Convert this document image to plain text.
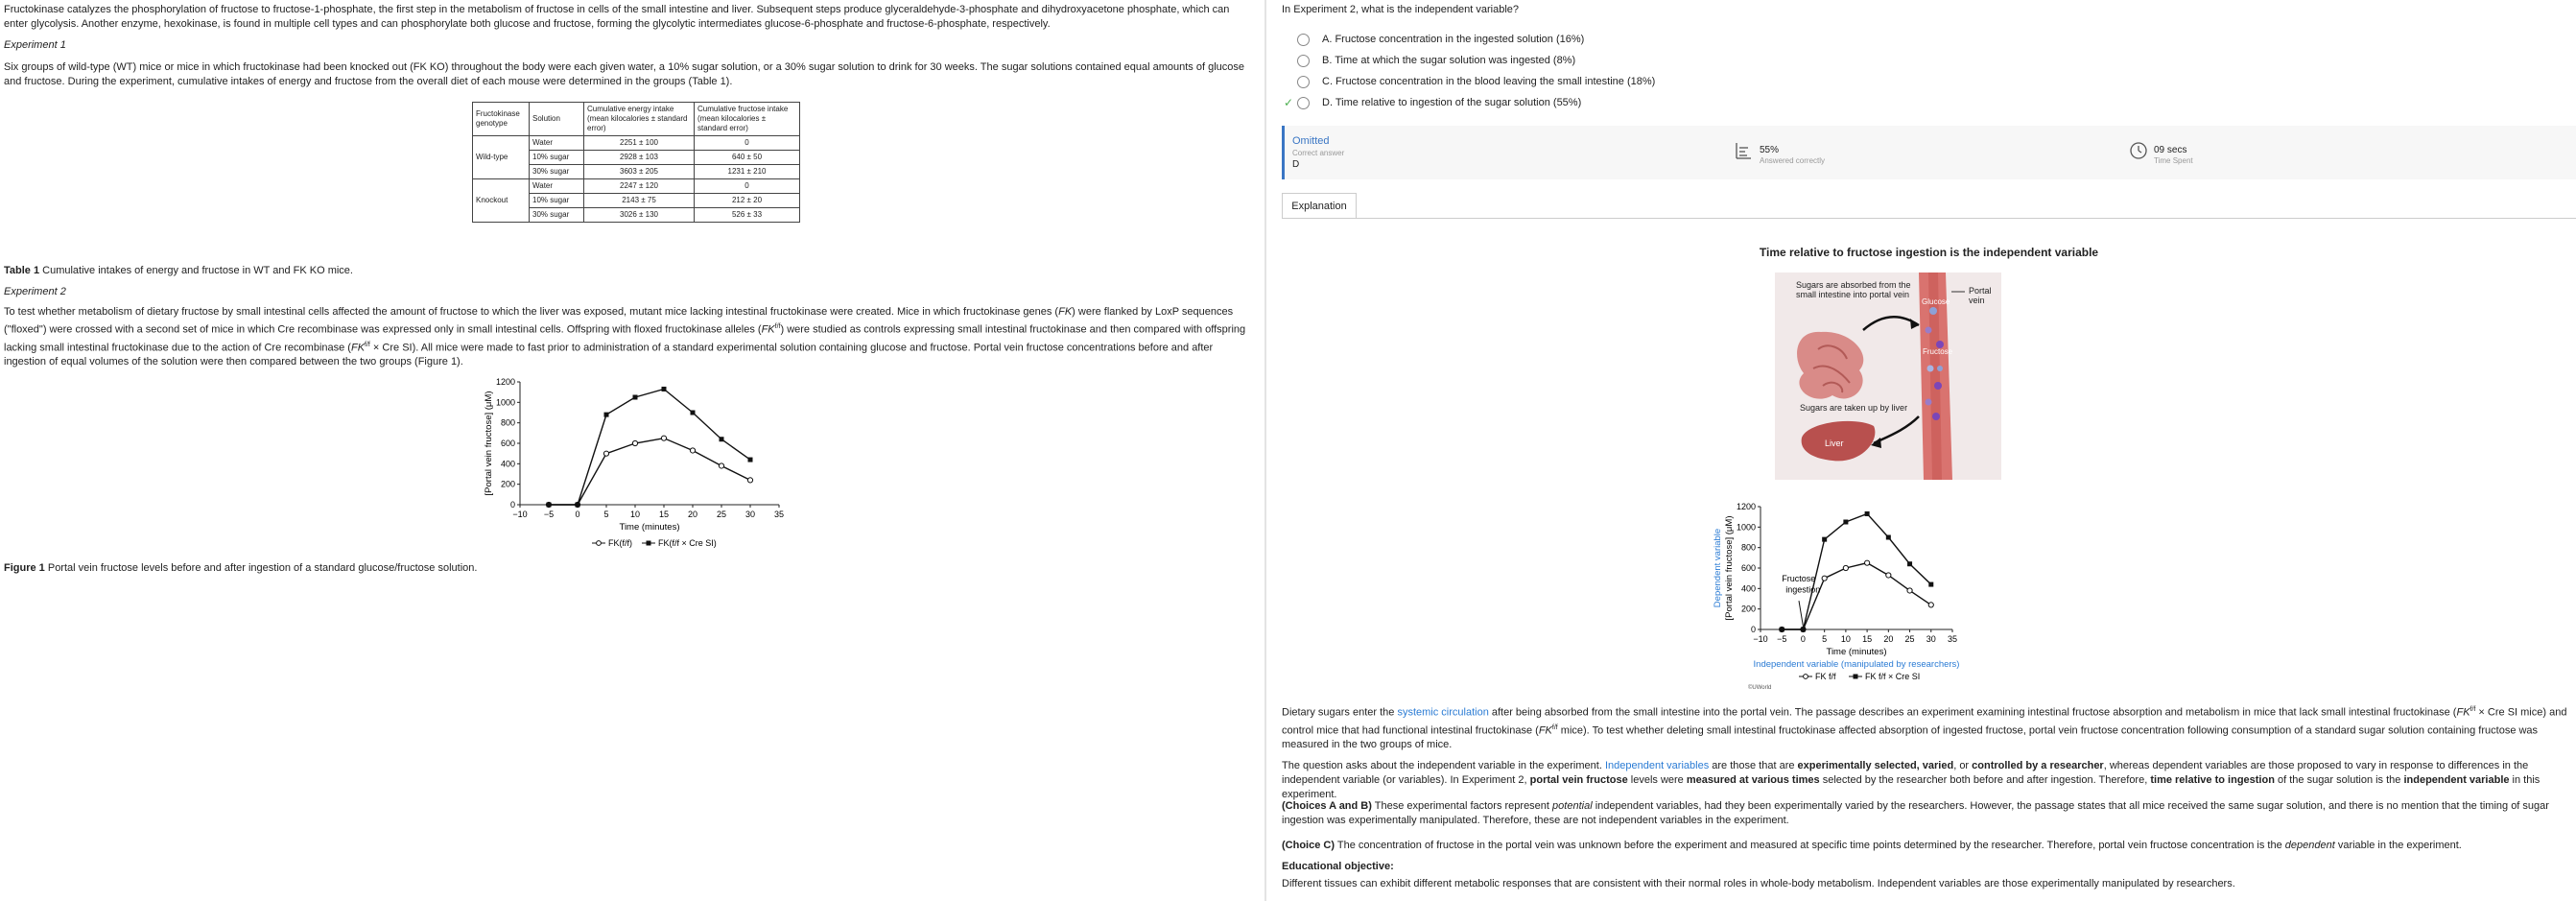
Fructokinase catalyzes the phosphorylation of fructose to fructose-1-phosphate, the first step in the metabolism of fructose in cells of the small intestine and liver. Subsequent steps produce glyceraldehyde-3-phosphate and dihydroxyacetone phosphate, which can enter glycolysis. Another enzyme, hexokinase, is found in multiple cell types and can phosphorylate both glucose and fructose, forming the glycolytic intermediates glucose-6-phosphate and fructose-6-phosphate, respectively.

Experiment 1

Six groups of wild-type (WT) mice or mice in which fructokinase had been knocked out (FK KO) throughout the body were each given water, a 10% sugar solution, or a 30% sugar solution to drink for 30 weeks. The sugar solutions contained equal amounts of glucose and fructose. During the experiment, cumulative intakes of energy and fructose from the overall diet of each mouse were determined in the groups (Table 1).

Fructokinase genotype	Solution	Cumulative energy intake (mean kilocalories ± standard error)	Cumulative fructose intake (mean kilocalories ± standard error)
Wild-type	Water	2251 ± 100	0
	10% sugar	2928 ± 103	640 ± 50
	30% sugar	3603 ± 205	1231 ± 210
Knockout	Water	2247 ± 120	0
	10% sugar	2143 ± 75	212 ± 20
	30% sugar	3026 ± 130	526 ± 33

Table 1 Cumulative intakes of energy and fructose in WT and FK KO mice.

Experiment 2

To test whether metabolism of dietary fructose by small intestinal cells affected the amount of fructose to which the liver was exposed, mutant mice lacking intestinal fructokinase were created. Mice in which fructokinase genes (FK) were flanked by LoxP sequences ("floxed") were crossed with a second set of mice in which Cre recombinase was expressed only in small intestinal cells. Offspring with floxed fructokinase alleles $(FK^{f/f})$ were studied as controls expressing small intestinal fructokinase and then compared with offspring lacking small intestinal fructokinase due to the action of Cre recombinase ($FK^{f/f}$ × Cre SI). All mice were made to fast prior to administration of a standard experimental solution containing glucose and fructose. Portal vein fructose concentrations before and after ingestion of equal volumes of the solution were then compared between the two groups (Figure 1).

−10 −5 0	5 10 15 20 25 30 35
0
200
400
600
800
1000
1200
Time (minutes)
[Portal vein fructose] (μM)
FK(f/f)	FK(f/f × Cre SI)

Figure 1 Portal vein fructose levels before and after ingestion of a standard glucose/fructose solution.

In Experiment 2, what is the independent variable?

✓
A. Fructose concentration in the ingested solution (16%)
B. Time at which the sugar solution was ingested (8%)
C. Fructose concentration in the blood leaving the small intestine (18%)
D. Time relative to ingestion of the sugar solution (55%)
Omitted
Correct answer
D
55%
Answered correctly
09 secs
Time Spent
Explanation

Time relative to fructose ingestion is the independent variable

Sugars are absorbed from the small intestine into portal vein	Portal vein
Glucose
Fructose
Sugars are taken up by liver
Liver
−10 −5 0 5 10 15 20 25 30 35
0
200
400
600
800
1000
1200
Time (minutes)
[Portal vein fructose] (μM)
Dependent variable
FK f/f	FK f/f × Cre SI
Independent variable (manipulated by researchers)
Fructose
ingestion
©UWorld

Dietary sugars enter the systemic circulation after being absorbed from the small intestine into the portal vein. The passage describes an experiment examining intestinal fructose absorption and metabolism in mice that lack small intestinal fructokinase ($FK^{f/f}$ × Cre SI mice) and control mice that had functional intestinal fructokinase ($FK^{f/f}$ mice). To test whether deleting small intestinal fructokinase affected absorption of ingested fructose, portal vein fructose concentration following consumption of a standard sugar solution containing fructose was measured in the two groups of mice.

The question asks about the independent variable in the experiment. Independent variables are those that are experimentally selected, varied, or controlled by a researcher, whereas dependent variables are those proposed to vary in response to differences in the independent variable (or variables). In Experiment 2, portal vein fructose levels were measured at various times selected by the researcher both before and after ingestion. Therefore, time relative to ingestion of the sugar solution is the independent variable in this experiment.

(Choices A and B) These experimental factors represent potential independent variables, had they been experimentally varied by the researchers. However, the passage states that all mice received the same sugar solution, and there is no mention that the timing of sugar ingestion was experimentally manipulated. Therefore, these are not independent variables in the experiment.

(Choice C) The concentration of fructose in the portal vein was unknown before the experiment and measured at specific time points determined by the researcher. Therefore, portal vein fructose concentration is the dependent variable in the experiment.

Educational objective:

Different tissues can exhibit different metabolic responses that are consistent with their normal roles in whole-body metabolism. Independent variables are those experimentally manipulated by researchers.
